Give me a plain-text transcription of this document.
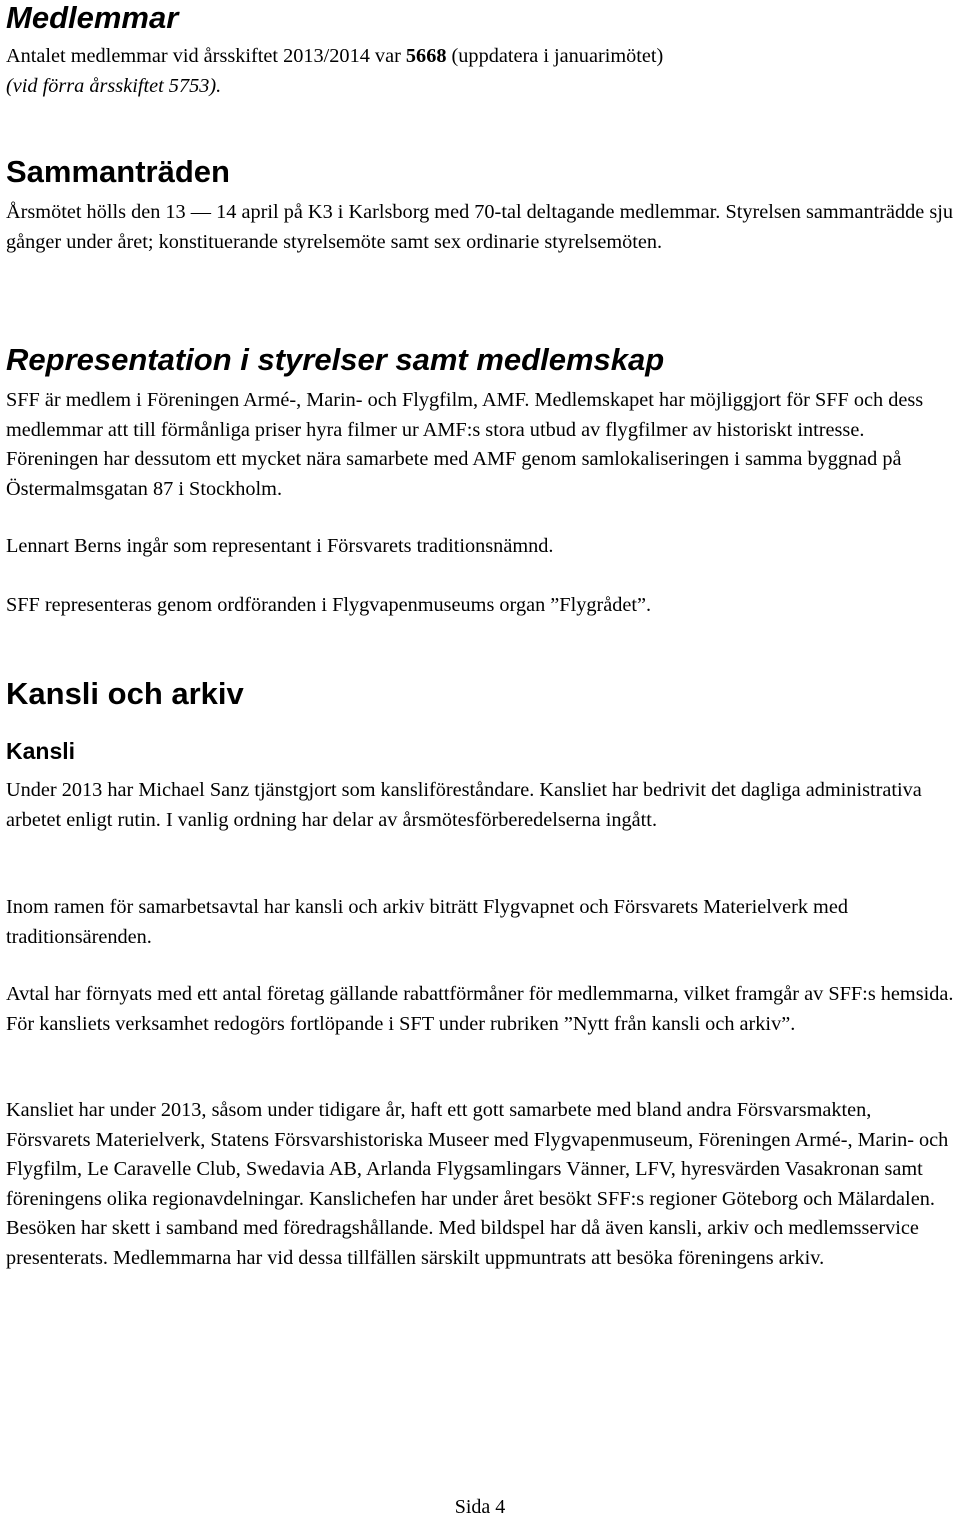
Medlemmar
Antalet medlemmar vid årsskiftet 2013/2014 var 5668 (uppdatera i januarimötet)
(vid förra årsskiftet 5753).
Sammanträden

Årsmötet hölls den 13 — 14 april på K3 i Karlsborg med 70-tal deltagande medlemmar. Styrelsen sammanträdde sju gånger under året; konstituerande styrelsemöte samt sex ordinarie styrelsemöten.

Representation i styrelser samt medlemskap

SFF är medlem i Föreningen Armé-, Marin- och Flygfilm, AMF. Medlemskapet har möjliggjort för SFF och dess medlemmar att till förmånliga priser hyra filmer ur AMF:s stora utbud av flygfilmer av historiskt intresse. Föreningen har dessutom ett mycket nära samarbete med AMF genom samlokaliseringen i samma byggnad på Östermalmsgatan 87 i Stockholm.

Lennart Berns ingår som representant i Försvarets traditionsnämnd.

SFF representeras genom ordföranden i Flygvapenmuseums organ ”Flygrådet”.

Kansli och arkiv
Kansli

Under 2013 har Michael Sanz tjänstgjort som kansliföreståndare. Kansliet har bedrivit det dagliga administrativa arbetet enligt rutin. I vanlig ordning har delar av årsmötesförberedelserna ingått.

Inom ramen för samarbetsavtal har kansli och arkiv biträtt Flygvapnet och Försvarets Materielverk med traditionsärenden.

Avtal har förnyats med ett antal företag gällande rabattförmåner för medlemmarna, vilket framgår av SFF:s hemsida. För kansliets verksamhet redogörs fortlöpande i SFT under rubriken ”Nytt från kansli och arkiv”.

Kansliet har under 2013, såsom under tidigare år, haft ett gott samarbete med bland andra Försvarsmakten, Försvarets Materielverk, Statens Försvarshistoriska Museer med Flygvapenmuseum, Föreningen Armé-, Marin- och Flygfilm, Le Caravelle Club, Swedavia AB, Arlanda Flygsamlingars Vänner, LFV, hyresvärden Vasakronan samt föreningens olika regionavdelningar. Kanslichefen har under året besökt SFF:s regioner Göteborg och Mälardalen. Besöken har skett i samband med föredragshållande. Med bildspel har då även kansli, arkiv och medlemsservice presenterats. Medlemmarna har vid dessa tillfällen särskilt uppmuntrats att besöka föreningens arkiv.

Sida 4
